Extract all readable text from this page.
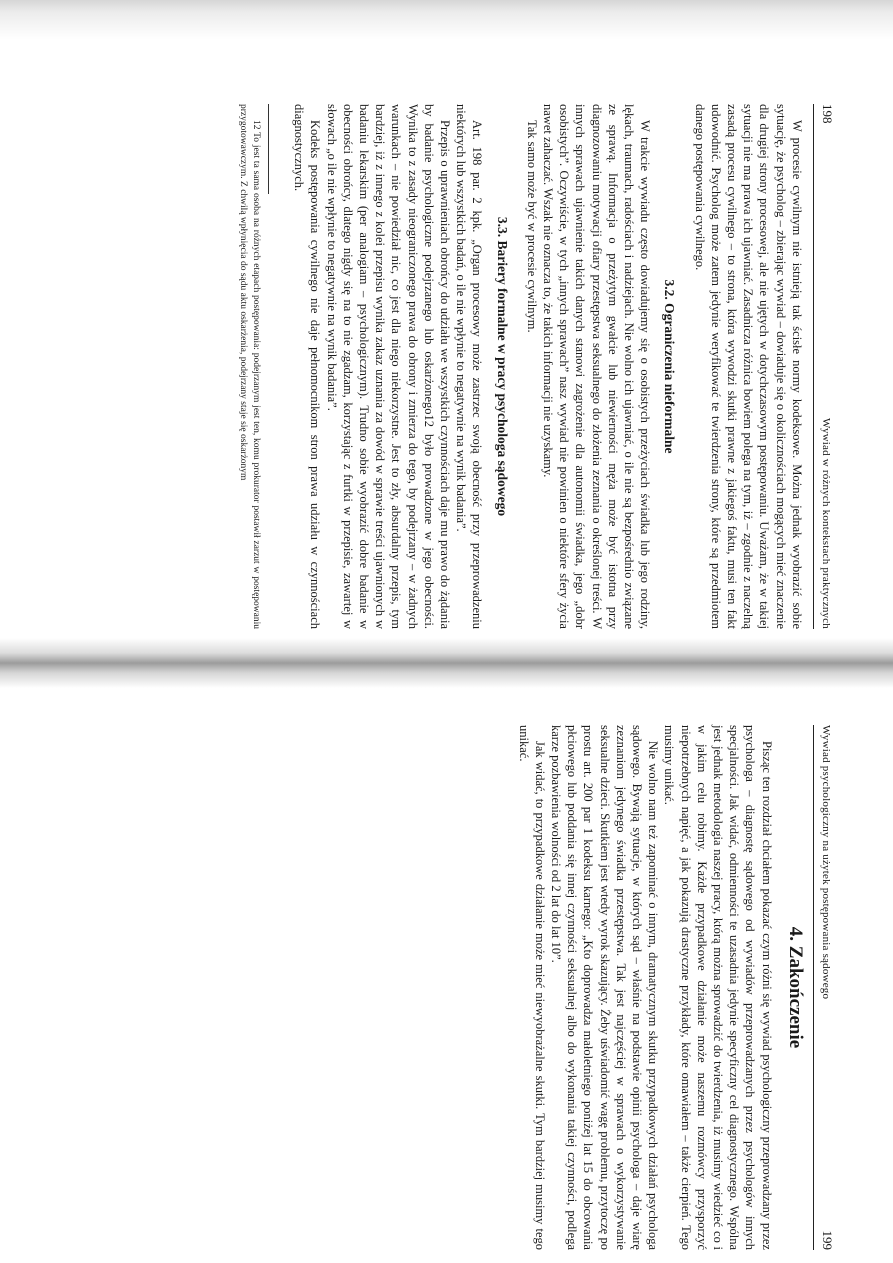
198
Wywiad w różnych kontekstach praktycznych

W procesie cywilnym nie istnieją tak ścisłe normy kodeksowe. Można jednak wyobrazić sobie sytuację, że psycholog – zbierając wywiad – dowiaduje się o okolicznościach mogących mieć znaczenie dla drugiej strony procesowej, ale nie ujętych w dotychczasowym postępowaniu. Uważam, że w takiej sytuacji nie ma prawa ich ujawniać. Zasadnicza różnica bowiem polega na tym, iż – zgodnie z naczelną zasadą procesu cywilnego – to strona, która wywodzi skutki prawne z jakiegoś faktu, musi ten fakt udowodnić. Psycholog może zatem jedynie weryfikować te twierdzenia strony, które są przedmiotem danego postępowania cywilnego.

3.2. Ograniczenia nieformalne

W trakcie wywiadu często dowiadujemy się o osobistych przeżyciach świadka lub jego rodziny, lękach, traumach, radościach i nadziejach. Nie wolno ich ujawniać, o ile nie są bezpośrednio związane ze sprawą. Informacja o przeżytym gwałcie lub niewierności męża może być istotna przy diagnozowaniu motywacji ofiary przestępstwa seksualnego do złożenia zeznania o określonej treści. W innych sprawach ujawnienie takich danych stanowi zagrożenie dla autonomii świadka, jego „dobr osobistych”. Oczywiście, w tych „innych sprawach” nasz wywiad nie powinien o niektóre sfery życia nawet zahaczać. Wszak nie oznacza to, że takich informacji nie uzyskamy.

Tak samo może być w procesie cywilnym.

3.3. Bariery formalne w pracy psychologa sądowego

Art. 198 par. 2 kpk. „Organ procesowy może zastrzec swoją obecność przy przeprowadzeniu niektórych lub wszystkich badań, o ile nie wpłynie to negatywnie na wynik badania”.

Przepis o uprawnieniach obrońcy do udziału we wszystkich czynnościach daje mu prawo do żądania by badanie psychologiczne podejrzanego lub oskarżonego12 było prowadzone w jego obecności. Wynika to z zasady nieograniczonego prawa do obrony i zmierza do tego, by podejrzany – w żadnych warunkach – nie powiedział nic, co jest dla niego niekorzystne. Jest to zły, absurdalny przepis, tym bardziej, iż z innego z kolei przepisu wynika zakaz uznania za dowód w sprawie treści ujawnionych w badaniu lekarskim (per analogiam – psychologicznym). Trudno sobie wyobrazić dobre badanie w obecności obrońcy, dlatego nigdy się na to nie zgadzam, korzystając z furtki w przepisie, zawartej w słowach „o ile nie wpłynie to negatywnie na wynik badania”.

Kodeks postępowania cywilnego nie daje pełnomocnikom stron prawa udziału w czynnościach diagnostycznych.

12 To jest ta sama osoba na różnych etapach postępowania: podejrzanym jest ten, komu prokurator postawił zarzut w postępowaniu przygotowawczym. Z chwilą wpłynięcia do sądu aktu oskarżenia, podejrzany staje się oskarżonym

Wywiad psychologiczny na użytek postępowania sądowego
199
4. Zakończenie

Pisząc ten rozdział chciałem pokazać czym różni się wywiad psychologiczny przeprowadzany przez psychologa – diagnostę sądowego od wywiadów przeprowadzanych przez psychologów innych specjalności. Jak widać, odmienności te uzasadnia jedynie specyficzny cel diagnostycznego. Wspólna jest jednak metodologia naszej pracy, którą można sprowadzić do twierdzenia, iż musimy wiedzieć co i w jakim celu robimy. Każde przypadkowe działanie może naszemu rozmówcy przysporzyć niepotrzebnych napięć, a jak pokazują drastyczne przykłady, które omawiałem – także cierpień. Tego musimy unikać.

Nie wolno nam też zapominać o innym, dramatycznym skutku przypadkowych działań psychologa sądowego. Bywają sytuacje, w których sąd – właśnie na podstawie opinii psychologa – daje wiarę zeznaniom jedynego świadka przestępstwa. Tak jest najczęściej w sprawach o wykorzystywanie seksualne dzieci. Skutkiem jest wtedy wyrok skazujący. Żeby uświadomić wagę problemu, przytoczę po prostu art. 200 par 1 kodeksu karnego: „Kto doprowadza małoletniego poniżej lat 15 do obcowania płciowego lub poddania się innej czynności seksualnej albo do wykonania takiej czynności, podlega karze pozbawienia wolności od 2 lat do lat 10”.

Jak widać, to przypadkowe działanie może mieć niewyobrażalne skutki. Tym bardziej musimy tego unikać.
